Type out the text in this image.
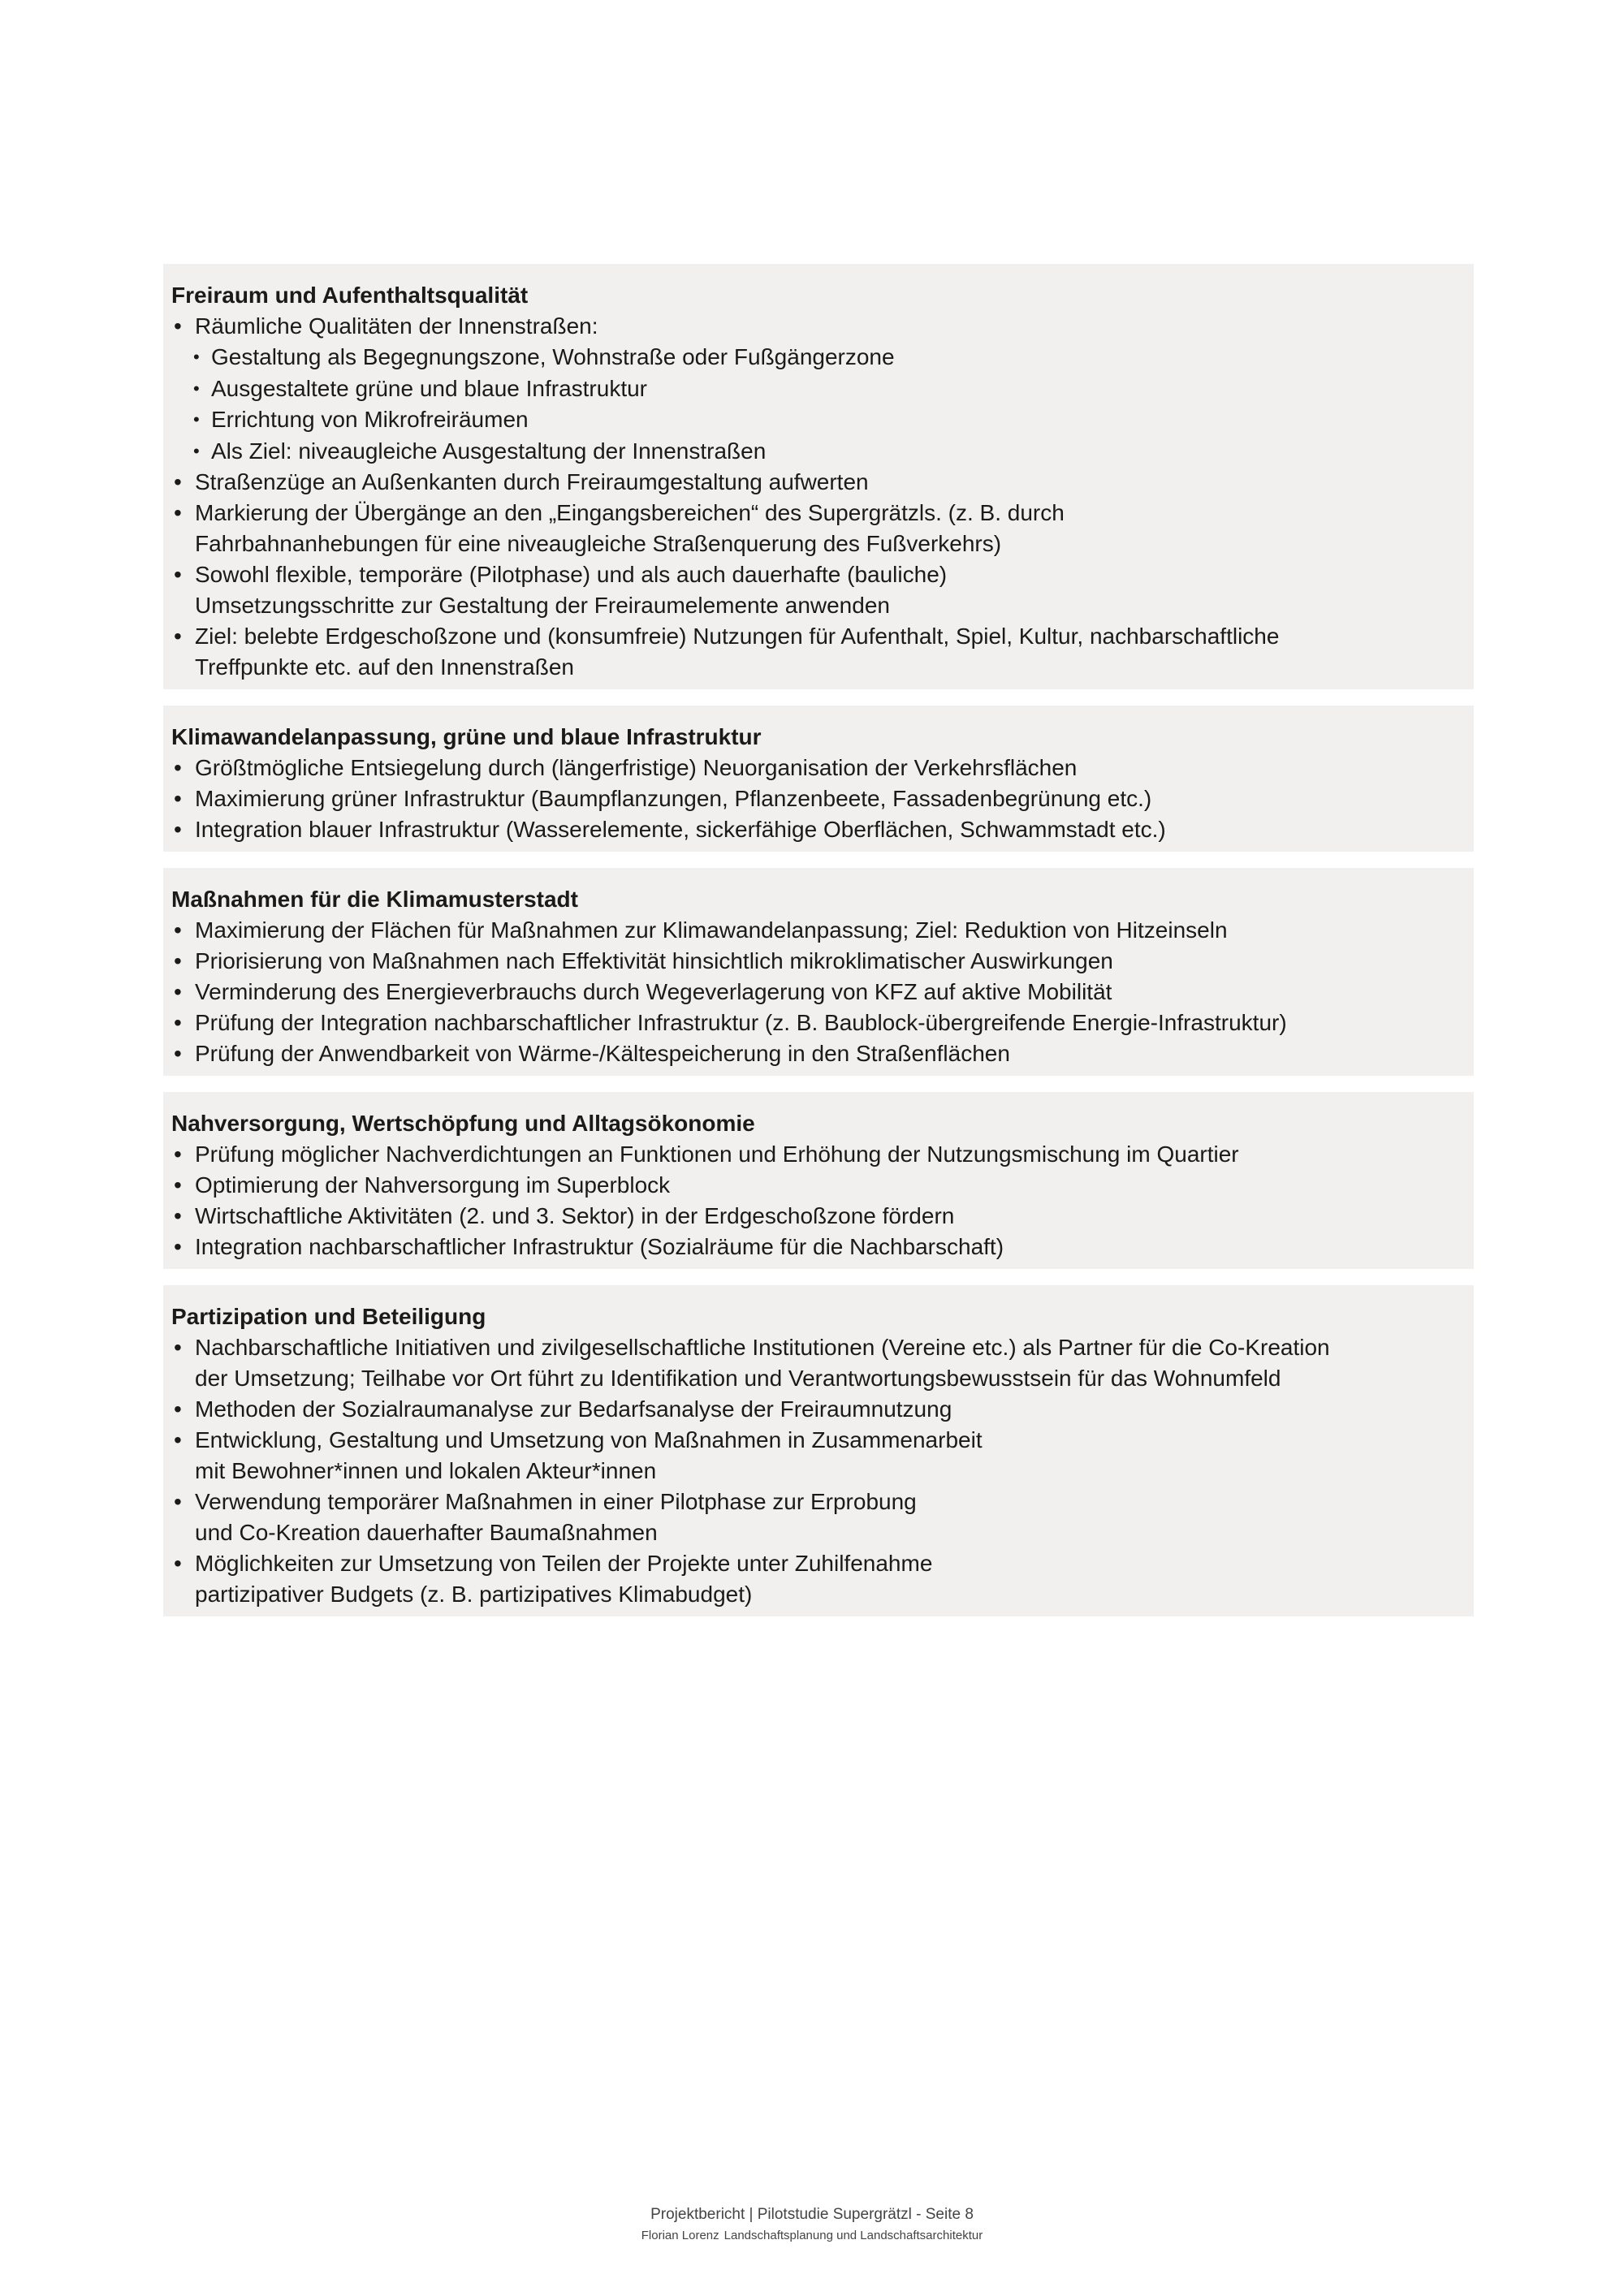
Freiraum und Aufenthaltsqualität
• Räumliche Qualitäten der Innenstraßen:
• Gestaltung als Begegnungszone, Wohnstraße oder Fußgängerzone
• Ausgestaltete grüne und blaue Infrastruktur
• Errichtung von Mikrofreiräumen
• Als Ziel: niveaugleiche Ausgestaltung der Innenstraßen
• Straßenzüge an Außenkanten durch Freiraumgestaltung aufwerten
• Markierung der Übergänge an den „Eingangsbereichen“ des Supergrätzls. (z. B. durch
Fahrbahnanhebungen für eine niveaugleiche Straßenquerung des Fußverkehrs)
• Sowohl flexible, temporäre (Pilotphase) und als auch dauerhafte (bauliche)
Umsetzungsschritte zur Gestaltung der Freiraumelemente anwenden
• Ziel: belebte Erdgeschoßzone und (konsumfreie) Nutzungen für Aufenthalt, Spiel, Kultur, nachbarschaftliche
Treffpunkte etc. auf den Innenstraßen
Klimawandelanpassung, grüne und blaue Infrastruktur
• Größtmögliche Entsiegelung durch (längerfristige) Neuorganisation der Verkehrsflächen
• Maximierung grüner Infrastruktur (Baumpflanzungen, Pflanzenbeete, Fassadenbegrünung etc.)
• Integration blauer Infrastruktur (Wasserelemente, sickerfähige Oberflächen, Schwammstadt etc.)
Maßnahmen für die Klimamusterstadt
• Maximierung der Flächen für Maßnahmen zur Klimawandelanpassung; Ziel: Reduktion von Hitzeinseln
• Priorisierung von Maßnahmen nach Effektivität hinsichtlich mikroklimatischer Auswirkungen
• Verminderung des Energieverbrauchs durch Wegeverlagerung von KFZ auf aktive Mobilität
• Prüfung der Integration nachbarschaftlicher Infrastruktur (z. B. Baublock-übergreifende Energie-Infrastruktur)
• Prüfung der Anwendbarkeit von Wärme-/Kältespeicherung in den Straßenflächen
Nahversorgung, Wertschöpfung und Alltagsökonomie
• Prüfung möglicher Nachverdichtungen an Funktionen und Erhöhung der Nutzungsmischung im Quartier
• Optimierung der Nahversorgung im Superblock
• Wirtschaftliche Aktivitäten (2. und 3. Sektor) in der Erdgeschoßzone fördern
• Integration nachbarschaftlicher Infrastruktur (Sozialräume für die Nachbarschaft)
Partizipation und Beteiligung
• Nachbarschaftliche Initiativen und zivilgesellschaftliche Institutionen (Vereine etc.) als Partner für die Co-Kreation
der Umsetzung; Teilhabe vor Ort führt zu Identifikation und Verantwortungsbewusstsein für das Wohnumfeld
• Methoden der Sozialraumanalyse zur Bedarfsanalyse der Freiraumnutzung
• Entwicklung, Gestaltung und Umsetzung von Maßnahmen in Zusammenarbeit
mit Bewohner*innen und lokalen Akteur*innen
• Verwendung temporärer Maßnahmen in einer Pilotphase zur Erprobung
und Co-Kreation dauerhafter Baumaßnahmen
• Möglichkeiten zur Umsetzung von Teilen der Projekte unter Zuhilfenahme
partizipativer Budgets (z. B. partizipatives Klimabudget)
Projektbericht | Pilotstudie Supergrätzl - Seite 8
Florian Lorenz Landschaftsplanung und Landschaftsarchitektur
